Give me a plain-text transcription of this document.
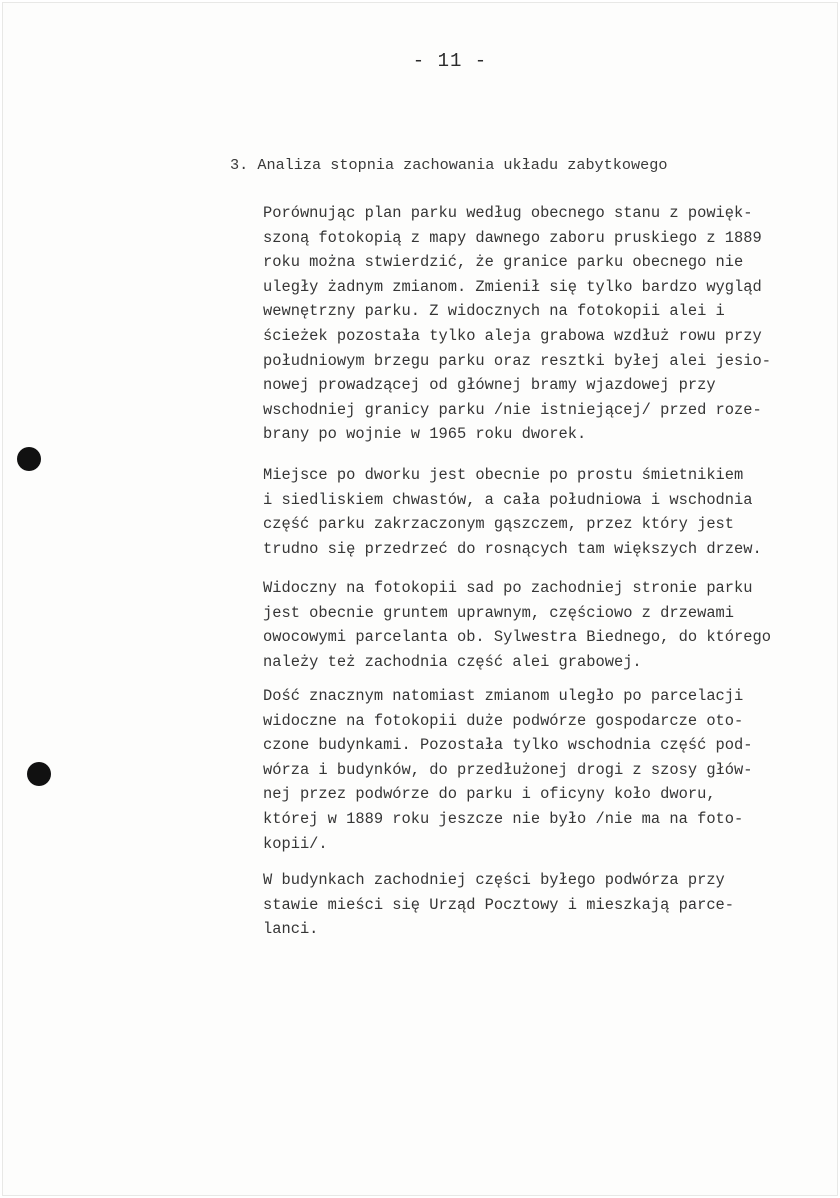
- 11 -
3. Analiza stopnia zachowania układu zabytkowego
Porównując plan parku według obecnego stanu z powięk-
szoną fotokopią z mapy dawnego zaboru pruskiego z 1889
roku można stwierdzić, że granice parku obecnego nie
uległy żadnym zmianom. Zmienił się tylko bardzo wygląd
wewnętrzny parku. Z widocznych na fotokopii alei i
ścieżek pozostała tylko aleja grabowa wzdłuż rowu przy
południowym brzegu parku oraz resztki byłej alei jesio-
nowej prowadzącej od głównej bramy wjazdowej przy
wschodniej granicy parku /nie istniejącej/ przed roze-
brany po wojnie w 1965 roku dworek.
Miejsce po dworku jest obecnie po prostu śmietnikiem
i siedliskiem chwastów, a cała południowa i wschodnia
część parku zakrzaczonym gąszczem, przez który jest
trudno się przedrzeć do rosnących tam większych drzew.
Widoczny na fotokopii sad po zachodniej stronie parku
jest obecnie gruntem uprawnym, częściowo z drzewami
owocowymi parcelanta ob. Sylwestra Biednego, do którego
należy też zachodnia część alei grabowej.
Dość znacznym natomiast zmianom uległo po parcelacji
widoczne na fotokopii duże podwórze gospodarcze oto-
czone budynkami. Pozostała tylko wschodnia część pod-
wórza i budynków, do przedłużonej drogi z szosy głów-
nej przez podwórze do parku i oficyny koło dworu,
której w 1889 roku jeszcze nie było /nie ma na foto-
kopii/.
W budynkach zachodniej części byłego podwórza przy
stawie mieści się Urząd Pocztowy i mieszkają parce-
lanci.
